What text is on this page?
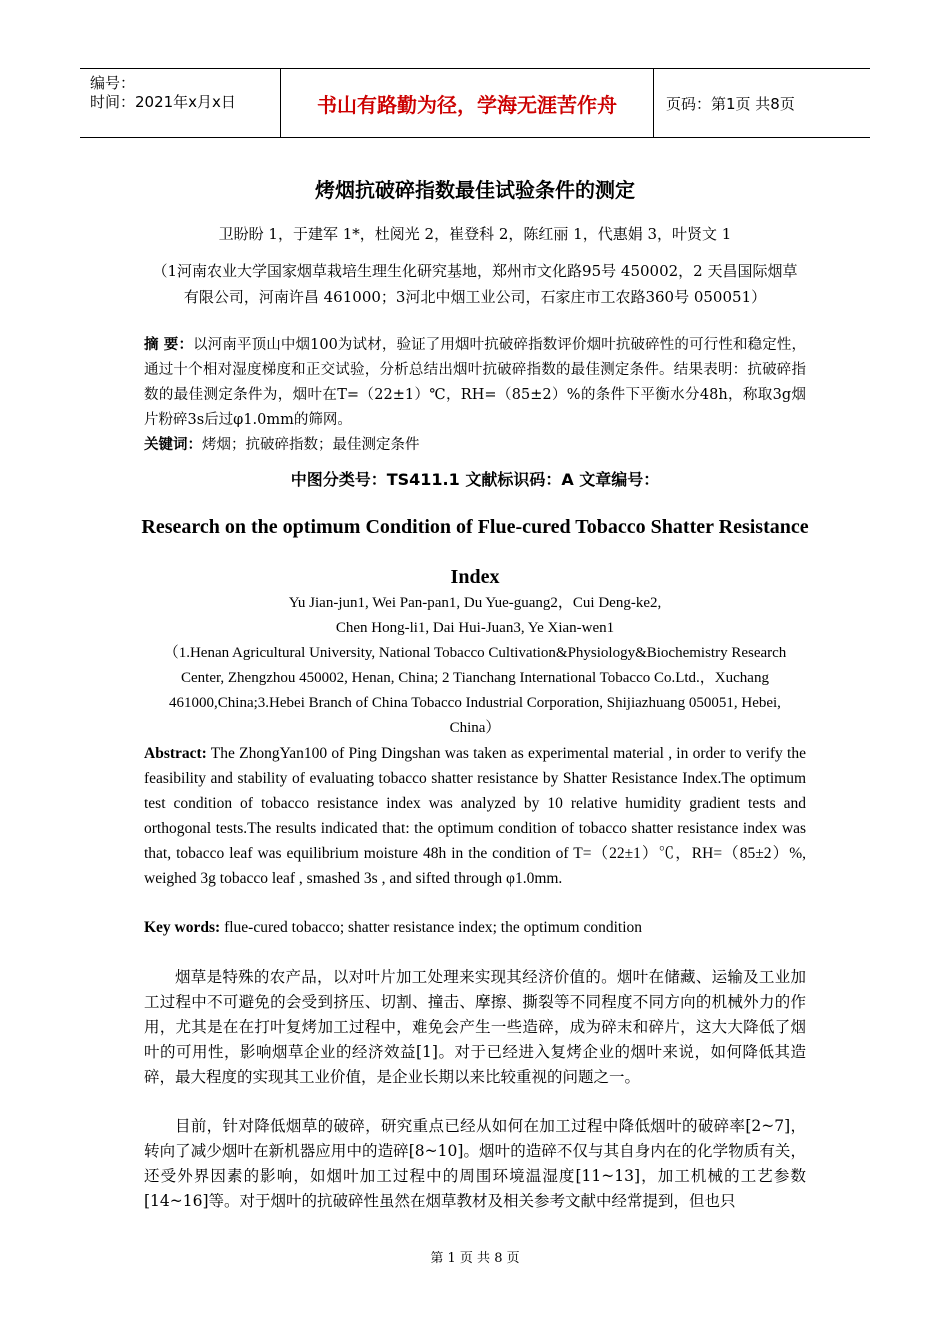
编号：
时间：2021年x月x日	书山有路勤为径，学海无涯苦作舟	页码：第1页 共8页
烤烟抗破碎指数最佳试验条件的测定
卫盼盼 1，于建军 1*，杜阅光 2，崔登科 2，陈红丽 1，代惠娟 3，叶贤文 1
（1河南农业大学国家烟草栽培生理生化研究基地，郑州市文化路95号 450002，2 天昌国际烟草有限公司，河南许昌 461000；3河北中烟工业公司，石家庄市工农路360号 050051）
摘 要：以河南平顶山中烟100为试材，验证了用烟叶抗破碎指数评价烟叶抗破碎性的可行性和稳定性，通过十个相对湿度梯度和正交试验，分析总结出烟叶抗破碎指数的最佳测定条件。结果表明：抗破碎指数的最佳测定条件为，烟叶在T=（22±1）℃，RH=（85±2）%的条件下平衡水分48h，称取3g烟片粉碎3s后过φ1.0mm的筛网。
关键词：烤烟；抗破碎指数；最佳测定条件
中图分类号：TS411.1 文献标识码：A 文章编号：
Research on the optimum Condition of Flue-cured Tobacco Shatter Resistance Index
Yu Jian-jun1, Wei Pan-pan1, Du Yue-guang2，Cui Deng-ke2,
Chen Hong-li1, Dai Hui-Juan3, Ye Xian-wen1
（1.Henan Agricultural University, National Tobacco Cultivation&Physiology&Biochemistry Research Center, Zhengzhou 450002, Henan, China; 2 Tianchang International Tobacco Co.Ltd.，Xuchang 461000,China;3.Hebei Branch of China Tobacco Industrial Corporation, Shijiazhuang 050051, Hebei, China）
Abstract: The ZhongYan100 of Ping Dingshan was taken as experimental material , in order to verify the feasibility and stability of evaluating tobacco shatter resistance by Shatter Resistance Index.The optimum test condition of tobacco resistance index was analyzed by 10 relative humidity gradient tests and orthogonal tests.The results indicated that: the optimum condition of tobacco shatter resistance index was that, tobacco leaf was equilibrium moisture 48h in the condition of T=（22±1）℃，RH=（85±2）%, weighed 3g tobacco leaf , smashed 3s , and sifted through φ1.0mm.
Key words: flue-cured tobacco; shatter resistance index; the optimum condition
烟草是特殊的农产品，以对叶片加工处理来实现其经济价值的。烟叶在储藏、运输及工业加工过程中不可避免的会受到挤压、切割、撞击、摩擦、撕裂等不同程度不同方向的机械外力的作用，尤其是在在打叶复烤加工过程中，难免会产生一些造碎，成为碎末和碎片，这大大降低了烟叶的可用性，影响烟草企业的经济效益[1]。对于已经进入复烤企业的烟叶来说，如何降低其造碎，最大程度的实现其工业价值，是企业长期以来比较重视的问题之一。
目前，针对降低烟草的破碎，研究重点已经从如何在加工过程中降低烟叶的破碎率[2~7]，转向了减少烟叶在新机器应用中的造碎[8~10]。烟叶的造碎不仅与其自身内在的化学物质有关，还受外界因素的影响，如烟叶加工过程中的周围环境温湿度[11~13]，加工机械的工艺参数[14~16]等。对于烟叶的抗破碎性虽然在烟草教材及相关参考文献中经常提到，但也只
第 1 页 共 8 页
